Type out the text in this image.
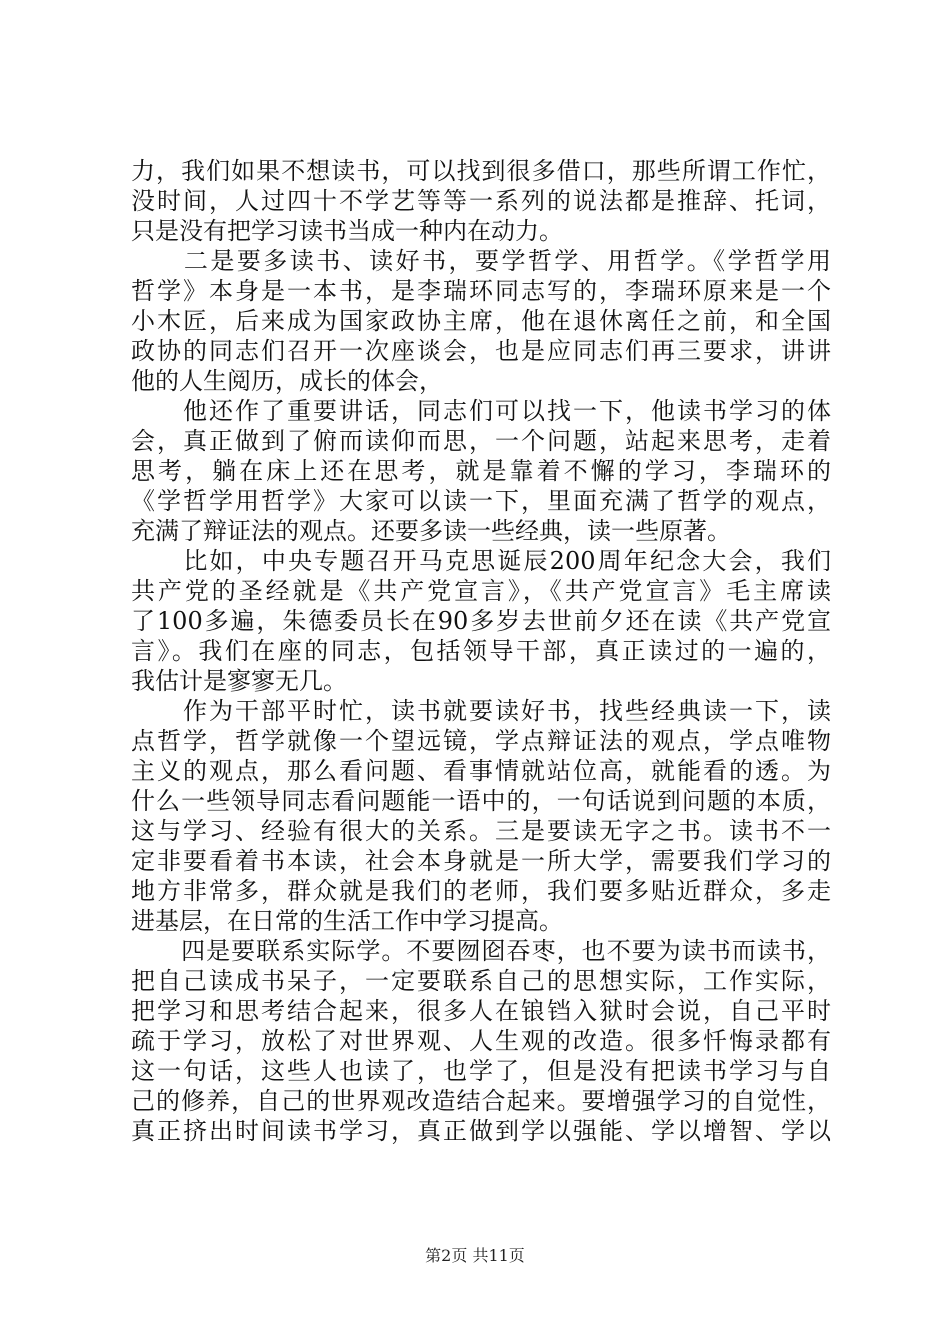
力，我们如果不想读书，可以找到很多借口，那些所谓工作忙，
没时间，人过四十不学艺等等一系列的说法都是推辞、托词，
只是没有把学习读书当成一种内在动力。
　　二是要多读书、读好书，要学哲学、用哲学。《学哲学用
哲学》本身是一本书，是李瑞环同志写的，李瑞环原来是一个
小木匠，后来成为国家政协主席，他在退休离任之前，和全国
政协的同志们召开一次座谈会，也是应同志们再三要求，讲讲
他的人生阅历，成长的体会，
　　他还作了重要讲话，同志们可以找一下，他读书学习的体
会，真正做到了俯而读仰而思，一个问题，站起来思考，走着
思考，躺在床上还在思考，就是靠着不懈的学习，李瑞环的
《学哲学用哲学》大家可以读一下，里面充满了哲学的观点，
充满了辩证法的观点。还要多读一些经典，读一些原著。
　　比如，中央专题召开马克思诞辰200周年纪念大会，我们
共产党的圣经就是《共产党宣言》，《共产党宣言》毛主席读
了100多遍，朱德委员长在90多岁去世前夕还在读《共产党宣
言》。我们在座的同志，包括领导干部，真正读过的一遍的，
我估计是寥寥无几。
　　作为干部平时忙，读书就要读好书，找些经典读一下，读
点哲学，哲学就像一个望远镜，学点辩证法的观点，学点唯物
主义的观点，那么看问题、看事情就站位高，就能看的透。为
什么一些领导同志看问题能一语中的，一句话说到问题的本质，
这与学习、经验有很大的关系。三是要读无字之书。读书不一
定非要看着书本读，社会本身就是一所大学，需要我们学习的
地方非常多，群众就是我们的老师，我们要多贴近群众，多走
进基层，在日常的生活工作中学习提高。
　　四是要联系实际学。不要囫囵吞枣，也不要为读书而读书，
把自己读成书呆子，一定要联系自己的思想实际，工作实际，
把学习和思考结合起来，很多人在锒铛入狱时会说，自己平时
疏于学习，放松了对世界观、人生观的改造。很多忏悔录都有
这一句话，这些人也读了，也学了，但是没有把读书学习与自
己的修养，自己的世界观改造结合起来。要增强学习的自觉性，
真正挤出时间读书学习，真正做到学以强能、学以增智、学以
第2页 共11页
